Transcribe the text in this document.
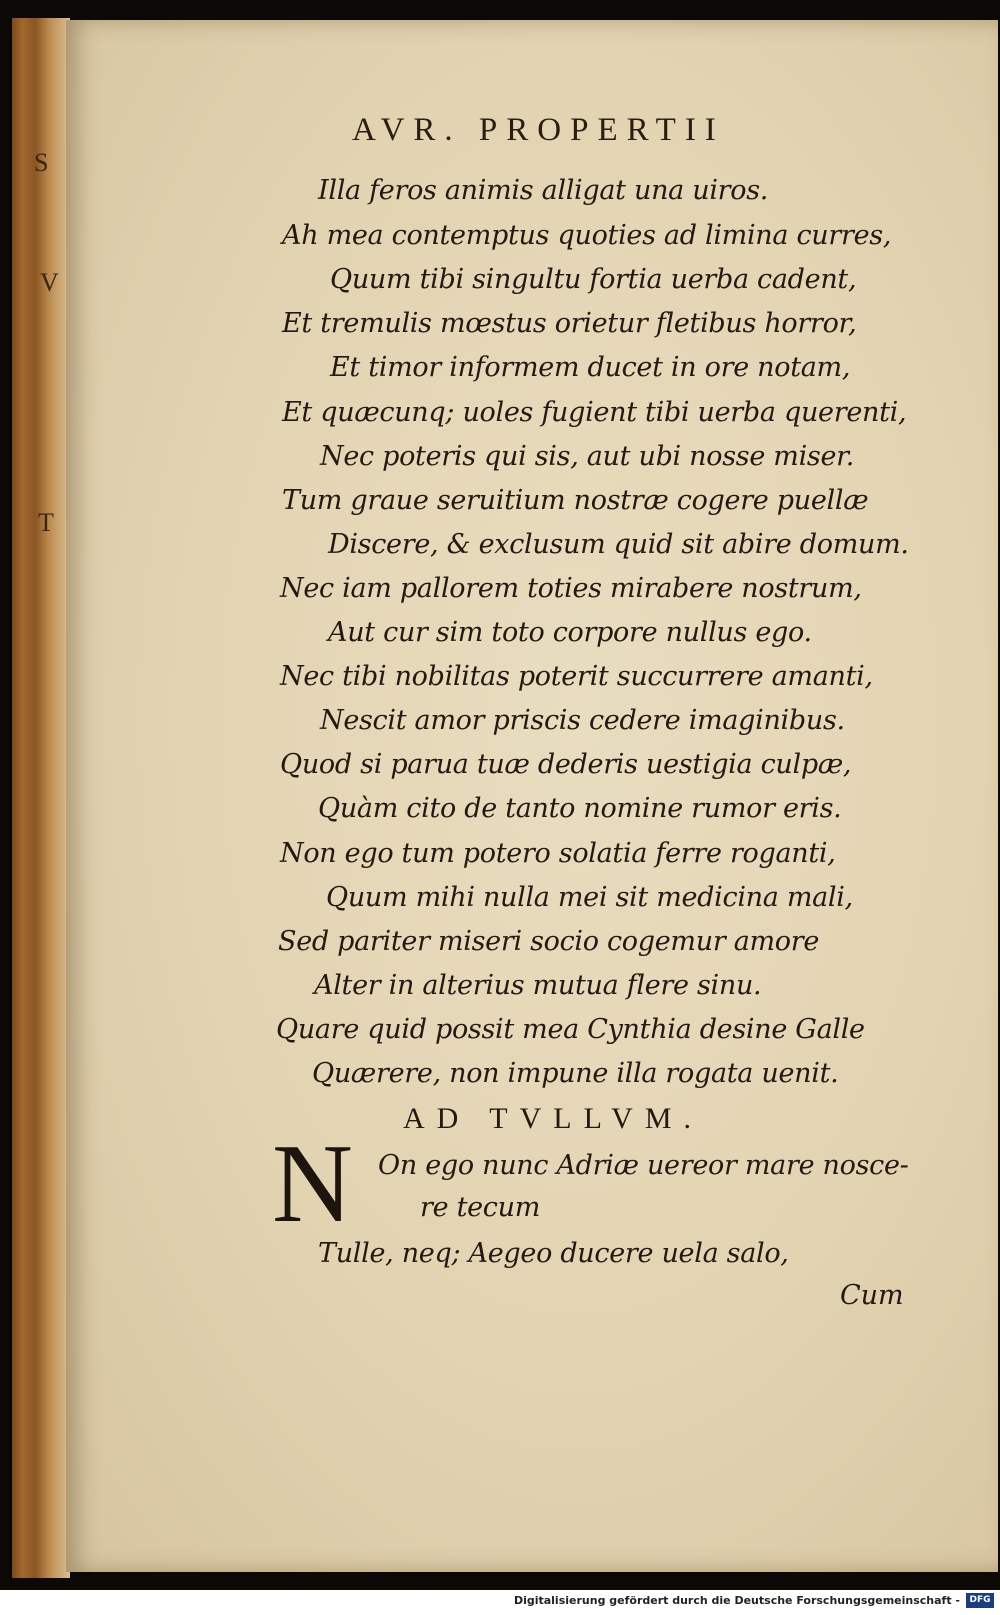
S
V
T
AVR. PROPERTII
Illa feros animis alligat una uiros.
Ah mea contemptus quoties ad limina curres,
Quum tibi singultu fortia uerba cadent,
Et tremulis mœstus orietur fletibus horror,
Et timor informem ducet in ore notam,
Et quæcunq; uoles fugient tibi uerba querenti,
Nec poteris qui sis, aut ubi nosse miser.
Tum graue seruitium nostræ cogere puellæ
Discere, & exclusum quid sit abire domum.
Nec iam pallorem toties mirabere nostrum,
Aut cur sim toto corpore nullus ego.
Nec tibi nobilitas poterit succurrere amanti,
Nescit amor priscis cedere imaginibus.
Quod si parua tuæ dederis uestigia culpæ,
Quàm cito de tanto nomine rumor eris.
Non ego tum potero solatia ferre roganti,
Quum mihi nulla mei sit medicina mali,
Sed pariter miseri socio cogemur amore
Alter in alterius mutua flere sinu.
Quare quid possit mea Cynthia desine Galle
Quærere, non impune illa rogata uenit.
AD TVLLVM.
N On ego nunc Adriæ uereor mare nosce-
re tecum
Tulle, neq; Aegeo ducere uela salo,
Cum
Digitalisierung gefördert durch die Deutsche Forschungsgemeinschaft -	DFG
